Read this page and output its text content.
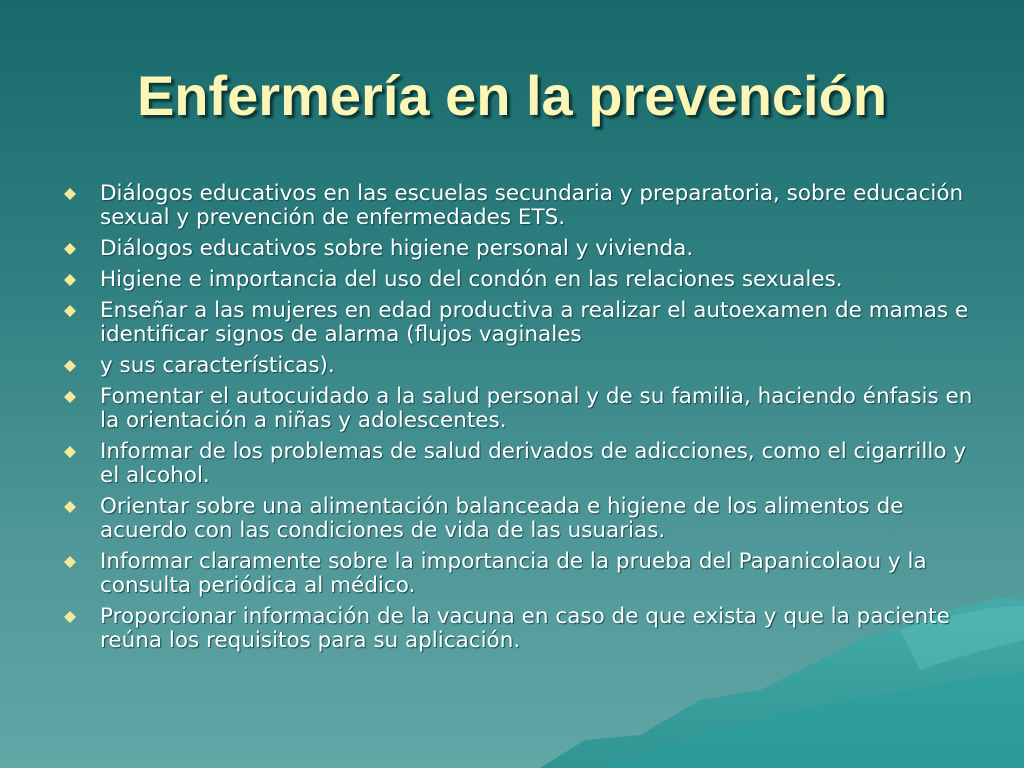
Enfermería en la prevención
Diálogos educativos en las escuelas secundaria y preparatoria, sobre educación sexual y prevención de enfermedades ETS.
Diálogos educativos sobre higiene personal y vivienda.
Higiene e importancia del uso del condón en las relaciones sexuales.
Enseñar a las mujeres en edad productiva a realizar el autoexamen de mamas e identificar signos de alarma (flujos vaginales
y sus características).
Fomentar el autocuidado a la salud personal y de su familia, haciendo énfasis en la orientación a niñas y adolescentes.
Informar de los problemas de salud derivados de adicciones, como el cigarrillo y el alcohol.
Orientar sobre una alimentación balanceada e higiene de los alimentos de acuerdo con las condiciones de vida de las usuarias.
Informar claramente sobre la importancia de la prueba del Papanicolaou y la consulta periódica al médico.
Proporcionar información de la vacuna en caso de que exista y que la paciente reúna los requisitos para su aplicación.
